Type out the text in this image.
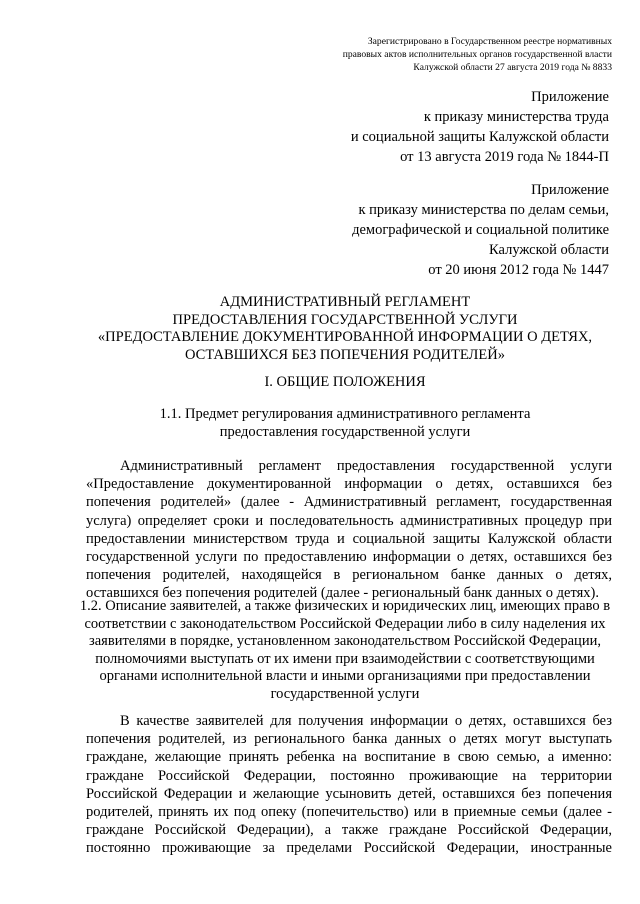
Зарегистрировано в Государственном реестре нормативных
правовых актов исполнительных органов государственной власти
Калужской области 27 августа 2019 года № 8833
Приложение
к приказу министерства труда
и социальной защиты Калужской области
от 13 августа 2019 года № 1844-П
Приложение
к приказу министерства по делам семьи,
демографической и социальной политике
Калужской области
от 20 июня 2012 года № 1447
АДМИНИСТРАТИВНЫЙ РЕГЛАМЕНТ
ПРЕДОСТАВЛЕНИЯ ГОСУДАРСТВЕННОЙ УСЛУГИ
«ПРЕДОСТАВЛЕНИЕ ДОКУМЕНТИРОВАННОЙ ИНФОРМАЦИИ О ДЕТЯХ,
ОСТАВШИХСЯ БЕЗ ПОПЕЧЕНИЯ РОДИТЕЛЕЙ»
I. ОБЩИЕ ПОЛОЖЕНИЯ
1.1. Предмет регулирования административного регламента
предоставления государственной услуги
Административный регламент предоставления государственной услуги
«Предоставление документированной информации о детях, оставшихся без
попечения родителей» (далее - Административный регламент, государственная
услуга) определяет сроки и последовательность административных процедур при
предоставлении министерством труда и социальной защиты Калужской области
государственной услуги по предоставлению информации о детях, оставшихся без
попечения родителей, находящейся в региональном банке данных о детях,
оставшихся без попечения родителей (далее - региональный банк данных о детях).
1.2. Описание заявителей, а также физических и юридических лиц, имеющих право в
соответствии с законодательством Российской Федерации либо в силу наделения их
заявителями в порядке, установленном законодательством Российской Федерации,
полномочиями выступать от их имени при взаимодействии с соответствующими
органами исполнительной власти и иными организациями при предоставлении
государственной услуги
В качестве заявителей для получения информации о детях, оставшихся без
попечения родителей, из регионального банка данных о детях могут выступать
граждане, желающие принять ребенка на воспитание в свою семью, а именно:
граждане Российской Федерации, постоянно проживающие на территории
Российской Федерации и желающие усыновить детей, оставшихся без попечения
родителей, принять их под опеку (попечительство) или в приемные семьи (далее -
граждане Российской Федерации), а также граждане Российской Федерации,
постоянно проживающие за пределами Российской Федерации, иностранные
